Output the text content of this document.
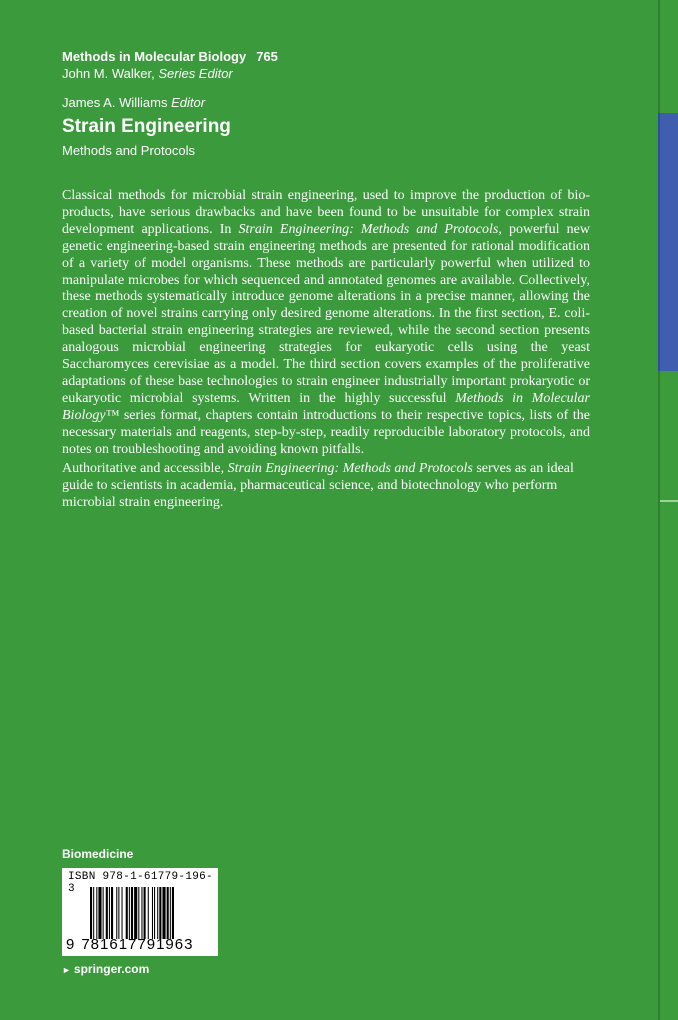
Methods in Molecular Biology 765
John M. Walker, Series Editor
James A. Williams Editor
Strain Engineering
Methods and Protocols

Classical methods for microbial strain engineering, used to improve the production of bio-products, have serious drawbacks and have been found to be unsuitable for complex strain development applications. In Strain Engineering: Methods and Protocols, powerful new genetic engineering-based strain engineering methods are presented for rational modification of a variety of model organisms. These methods are particularly powerful when utilized to manipulate microbes for which sequenced and annotated genomes are available. Collectively, these methods systematically introduce genome alterations in a precise manner, allowing the creation of novel strains carrying only desired genome alterations. In the first section, E. coli-based bacterial strain engineering strategies are reviewed, while the second section presents analogous microbial engineering strategies for eukaryotic cells using the yeast Saccharomyces cerevisiae as a model. The third section covers examples of the proliferative adaptations of these base technologies to strain engineer industrially important prokaryotic or eukaryotic microbial systems. Written in the highly successful Methods in Molecular Biology™ series format, chapters contain introductions to their respective topics, lists of the necessary materials and reagents, step-by-step, readily reproducible laboratory protocols, and notes on troubleshooting and avoiding known pitfalls.

Authoritative and accessible, Strain Engineering: Methods and Protocols serves as an ideal guide to scientists in academia, pharmaceutical science, and biotechnology who perform microbial strain engineering.

Biomedicine
ISBN 978-1-61779-196-3
9 781617791963
► springer.com
